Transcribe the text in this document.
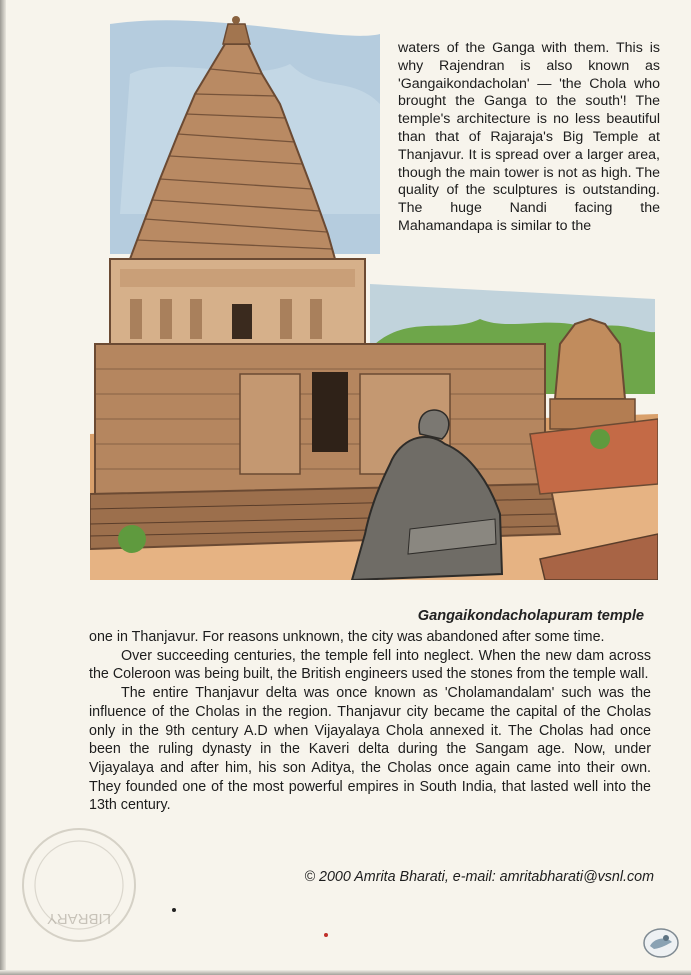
waters of the Ganga with them. This is why Rajendran is also known as 'Gangaikondacholan' — 'the Chola who brought the Ganga to the south'! The temple's architecture is no less beautiful than that of Rajaraja's Big Temple at Thanjavur. It is spread over a larger area, though the main tower is not as high. The quality of the sculptures is outstanding. The huge Nandi facing the Mahamandapa is similar to the
Gangaikondacholapuram temple

one in Thanjavur. For reasons unknown, the city was abandoned after some time.

Over succeeding centuries, the temple fell into neglect. When the new dam across the Coleroon was being built, the British engineers used the stones from the temple wall.

The entire Thanjavur delta was once known as 'Cholamandalam' such was the influence of the Cholas in the region. Thanjavur city became the capital of the Cholas only in the 9th century A.D when Vijayalaya Chola annexed it. The Cholas had once been the ruling dynasty in the Kaveri delta during the Sangam age. Now, under Vijayalaya and after him, his son Aditya, the Cholas once again came into their own. They founded one of the most powerful empires in South India, that lasted well into the 13th century.

© 2000 Amrita Bharati, e-mail: amritabharati@vsnl.com
LIBRARY
